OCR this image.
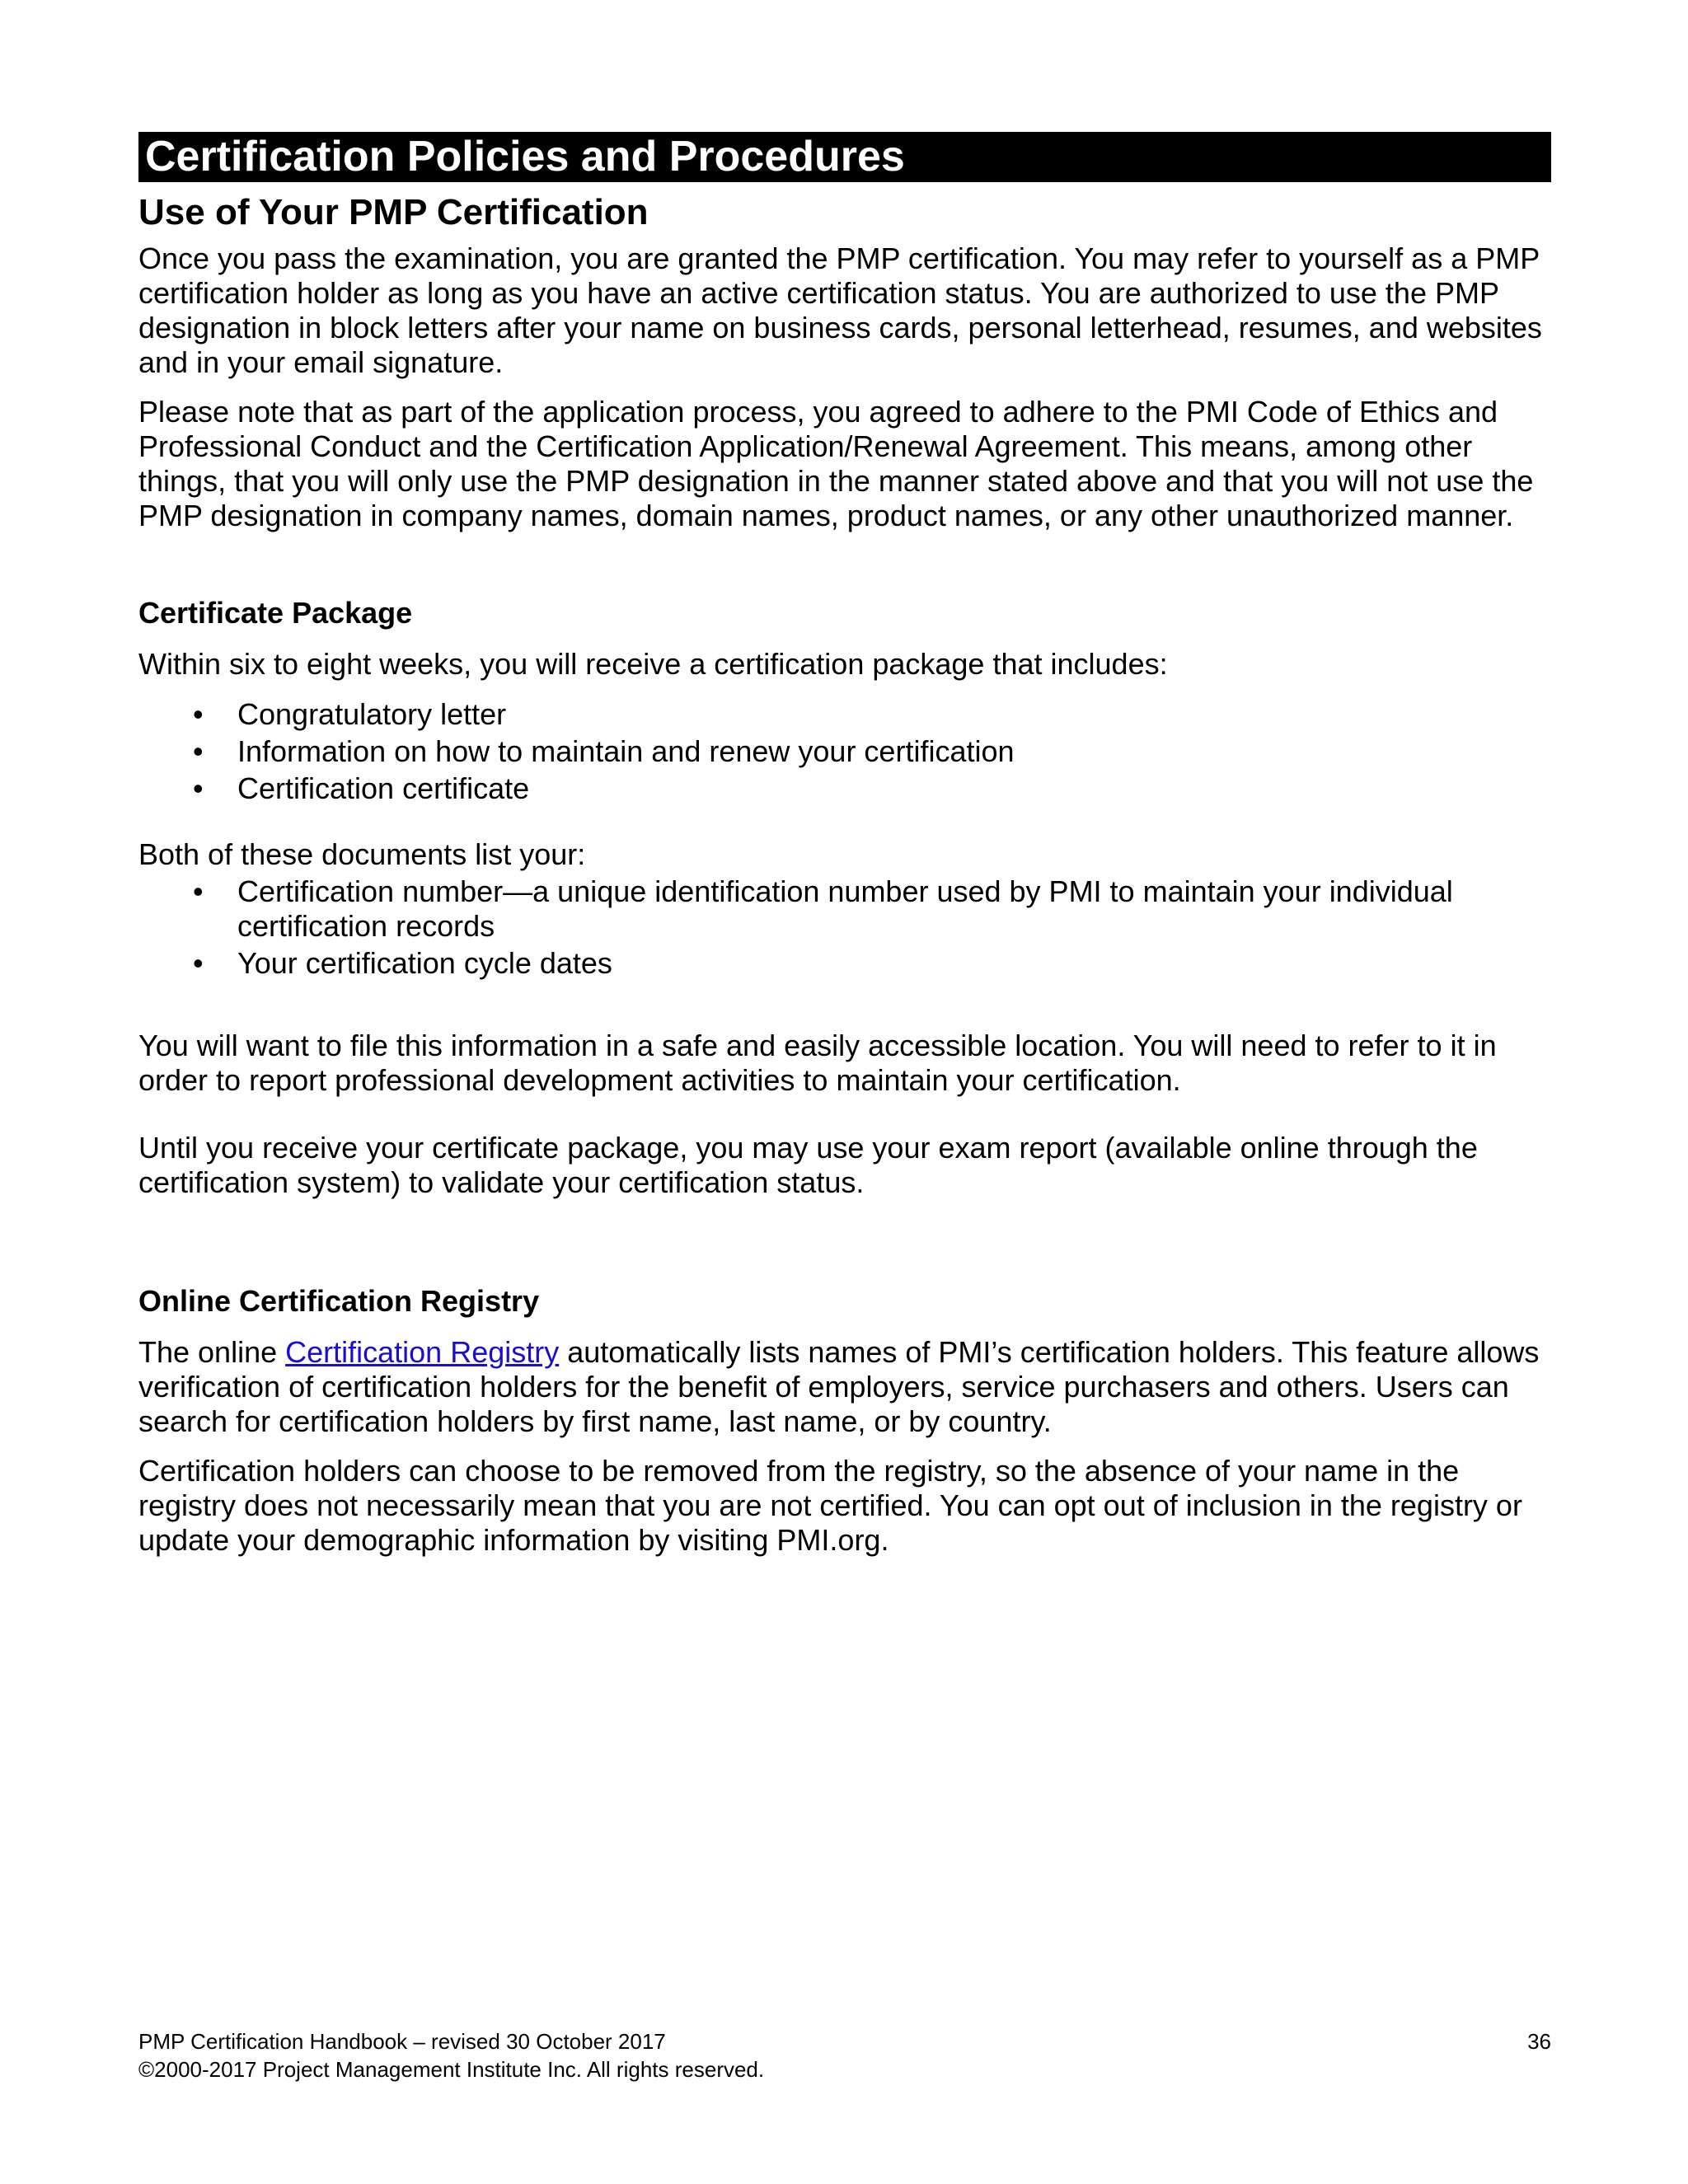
Certification Policies and Procedures
Use of Your PMP Certification

Once you pass the examination, you are granted the PMP certification. You may refer to yourself as a PMP certification holder as long as you have an active certification status. You are authorized to use the PMP designation in block letters after your name on business cards, personal letterhead, resumes, and websites and in your email signature.

Please note that as part of the application process, you agreed to adhere to the PMI Code of Ethics and Professional Conduct and the Certification Application/Renewal Agreement. This means, among other things, that you will only use the PMP designation in the manner stated above and that you will not use the PMP designation in company names, domain names, product names, or any other unauthorized manner.

Certificate Package

Within six to eight weeks, you will receive a certification package that includes:

• Congratulatory letter
• Information on how to maintain and renew your certification
• Certification certificate

Both of these documents list your:

• Certification number—a unique identification number used by PMI to maintain your individual certification records
• Your certification cycle dates

You will want to file this information in a safe and easily accessible location. You will need to refer to it in order to report professional development activities to maintain your certification.

Until you receive your certificate package, you may use your exam report (available online through the certification system) to validate your certification status.

Online Certification Registry

The online Certification Registry automatically lists names of PMI’s certification holders. This feature allows verification of certification holders for the benefit of employers, service purchasers and others. Users can search for certification holders by first name, last name, or by country.

Certification holders can choose to be removed from the registry, so the absence of your name in the registry does not necessarily mean that you are not certified. You can opt out of inclusion in the registry or update your demographic information by visiting PMI.org.

PMP Certification Handbook – revised 30 October 2017
©2000-2017 Project Management Institute Inc. All rights reserved.
36
